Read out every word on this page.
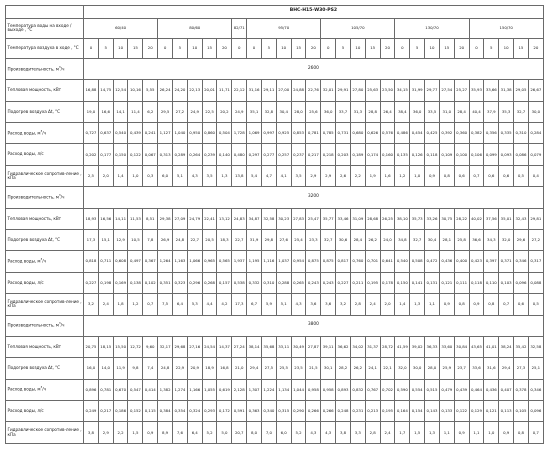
	ВНС-Н15-W30-PS2																														
Температура воды на входе /выходе , °С	60/40					80/60					82/71	95/70					105/70					130/70					150/70				
Температура воздуха в ходе , °С	0	5	10	15	20	0	5	10	15	20	0	0	5	10	15	20	0	5	10	15	20	0	5	10	15	20	0	5	10	15	20
Производительность, $м^3/ч$	2600																														
Тепловая мощность, кВт	16,88	14,75	12,54	10,16	5,55	26,24	24,20	22,13	20,01	11,71	22,12	31,16	29,11	27,00	24,88	22,76	32,01	29,91	27,80	25,63	23,50	34,15	31,99	29,77	27,54	25,27	35,93	33,66	31,38	29,05	26,67
Подогрев воздуха Δt, °С	19,0	16,6	14,1	11,4	6,2	29,5	27,2	24,9	22,5	20,2	24,9	35,1	32,8	30,4	28,0	25,6	36,0	33,7	31,3	28,8	26,4	38,4	36,0	33,5	31,0	28,4	40,4	37,9	35,3	32,7	30,0
Расход воды, $м^3/ч$	0,727	0,637	0,540	0,439	0,241	1,127	1,040	0,950	0,860	0,504	1,728	1,069	0,997	0,925	0,853	0,781	0,785	0,731	0,680	0,626	0,576	0,486	0,454	0,425	0,392	0,360	0,382	0,356	0,335	0,310	0,284
Расход воды, л/с	0,202	0,177	0,150	0,122	0,067	0,313	0,289	0,264	0,239	0,140	0,480	0,297	0,277	0,257	0,237	0,217	0,218	0,203	0,189	0,174	0,160	0,135	0,126	0,118	0,109	0,100	0,106	0,099	0,093	0,086	0,079
Гидравлическое сопротив-ление , кПа	2,5	2,0	1,4	1,0	0,3	6,0	5,1	4,3	3,5	1,3	13,8	5,4	4,7	4,1	3,5	2,9	2,9	2,6	2,2	1,9	1,6	1,2	1,0	0,9	0,8	0,6	0,7	0,6	0,6	0,5	0,4
Производительность, $м^3/ч$	3200																														
Тепловая мощность, кВт	18,93	16,56	14,11	11,53	8,51	29,38	27,09	24,79	22,41	13,12	24,83	34,87	32,58	30,23	27,83	25,47	35,77	33,46	31,09	28,68	26,25	38,10	35,73	33,26	30,75	28,22	40,02	37,56	35,01	32,43	29,81
Подогрев воздуха Δt, °С	17,3	15,1	12,9	10,5	7,8	26,9	24,8	22,7	20,5	18,3	22,7	31,9	29,8	27,6	25,4	23,3	32,7	30,6	28,4	26,2	24,0	34,8	32,7	30,4	28,1	25,8	36,6	34,3	32,0	29,6	27,2
Расход воды, $м^3/ч$	0,818	0,711	0,608	0,497	0,367	1,264	1,163	1,066	0,965	0,565	1,937	1,195	1,116	1,037	0,954	0,875	0,875	0,817	0,760	0,701	0,641	0,540	0,508	0,472	0,436	0,400	0,423	0,397	0,371	0,346	0,317
Расход воды, л/с	0,227	0,198	0,169	0,138	0,102	0,351	0,323	0,296	0,268	0,157	0,538	0,332	0,310	0,288	0,265	0,243	0,243	0,227	0,211	0,195	0,178	0,150	0,141	0,131	0,121	0,111	0,118	0,110	0,103	0,096	0,088
Гидравлическое сопротив-ление , кПа	3,2	2,4	1,8	1,2	0,7	7,5	6,4	5,3	4,4	4,2	17,3	6,7	5,9	5,1	4,3	3,6	3,6	3,2	2,8	2,4	2,0	1,4	1,3	1,1	0,9	0,8	0,9	0,8	0,7	0,6	0,5
Производительность, $м^3/ч$	3800																														
Тепловая мощность, кВт	20,75	18,15	15,50	12,72	9,60	32,17	29,68	27,16	24,54	14,37	27,24	38,14	35,68	33,11	30,49	27,87	39,11	36,62	34,02	31,37	28,72	41,59	39,02	36,33	33,60	30,84	43,65	41,01	38,24	35,42	32,58
Подогрев воздуха Δt, °С	16,0	14,0	11,9	9,8	7,4	24,8	22,9	20,9	18,9	16,8	21,0	29,4	27,5	25,5	23,5	21,5	30,1	28,2	26,2	24,1	22,1	32,0	30,0	28,0	25,9	23,7	33,6	31,6	29,4	27,3	25,1
Расход воды, $м^3/ч$	0,896	0,781	0,670	0,547	0,414	1,382	1,274	1,166	1,055	0,619	2,128	1,307	1,224	1,134	1,044	0,958	0,958	0,893	0,832	0,767	0,702	0,590	0,554	0,515	0,479	0,439	0,464	0,436	0,407	0,378	0,346
Расход воды, л/с	0,249	0,217	0,186	0,152	0,115	0,384	0,354	0,324	0,293	0,172	0,591	0,363	0,340	0,315	0,290	0,266	0,266	0,248	0,231	0,213	0,195	0,164	0,154	0,143	0,133	0,122	0,129	0,121	0,113	0,105	0,096
Гидравлическое сопротив-ление , кПа	3,8	2,9	2,2	1,5	0,9	8,9	7,6	6,4	5,2	5,0	20,7	8,0	7,0	6,0	5,2	4,3	4,3	3,8	3,3	2,8	2,4	1,7	1,5	1,3	1,1	0,9	1,1	1,0	0,9	0,8	0,7
